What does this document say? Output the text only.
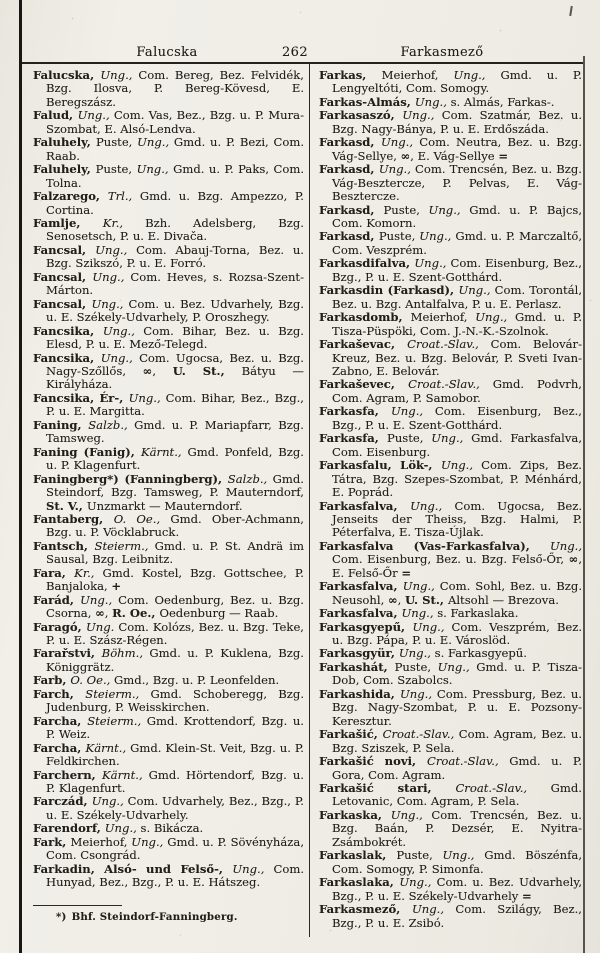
Falucska	262	Farkasmező

Falucska, Ung., Com. Bereg, Bez. Felvidék, Bzg. Ilosva, P. Bereg-Kövesd, E. Beregszász.

Falud, Ung., Com. Vas, Bez., Bzg. u. P. Mura-Szombat, E. Alsó-Lendva.

Faluhely, Puste, Ung., Gmd. u. P. Bezi, Com. Raab.

Faluhely, Puste, Ung., Gmd. u. P. Paks, Com. Tolna.

Falzarego, Trl., Gmd. u. Bzg. Ampezzo, P. Cortina.

Famlje, Kr., Bzh. Adelsberg, Bzg. Senosetsch, P. u. E. Divača.

Fancsal, Ung., Com. Abauj-Torna, Bez. u. Bzg. Szikszó, P. u. E. Forró.

Fancsal, Ung., Com. Heves, s. Rozsa-Szent-Márton.

Fancsal, Ung., Com. u. Bez. Udvarhely, Bzg. u. E. Székely-Udvarhely, P. Oroszhegy.

Fancsika, Ung., Com. Bihar, Bez. u. Bzg. Elesd, P. u. E. Mező-Telegd.

Fancsika, Ung., Com. Ugocsa, Bez. u. Bzg. Nagy-Szőllős, ∞, U. St., Bátyu — Királyháza.

Fancsika, Ér-, Ung., Com. Bihar, Bez., Bzg., P. u. E. Margitta.

Faning, Salzb., Gmd. u. P. Mariapfarr, Bzg. Tamsweg.

Faning (Fanig), Kärnt., Gmd. Ponfeld, Bzg. u. P. Klagenfurt.

Faningberg*) (Fanningberg), Salzb., Gmd. Steindorf, Bzg. Tamsweg, P. Mauterndorf, St. V., Unzmarkt — Mauterndorf.

Fantaberg, O. Oe., Gmd. Ober-Achmann, Bzg. u. P. Vöcklabruck.

Fantsch, Steierm., Gmd. u. P. St. Andrä im Sausal, Bzg. Leibnitz.

Fara, Kr., Gmd. Kostel, Bzg. Gottschee, P. Banjaloka, +

Farád, Ung., Com. Oedenburg, Bez. u. Bzg. Csorna, ∞, R. Oe., Oedenburg — Raab.

Faragó, Ung. Com. Kolózs, Bez. u. Bzg. Teke, P. u. E. Szász-Régen.

Farařstvi, Böhm., Gmd. u. P. Kuklena, Bzg. Königgrätz.

Farb, O. Oe., Gmd., Bzg. u. P. Leonfelden.

Farch, Steierm., Gmd. Schoberegg, Bzg. Judenburg, P. Weisskirchen.

Farcha, Steierm., Gmd. Krottendorf, Bzg. u. P. Weiz.

Farcha, Kärnt., Gmd. Klein-St. Veit, Bzg. u. P. Feldkirchen.

Farchern, Kärnt., Gmd. Hörtendorf, Bzg. u. P. Klagenfurt.

Farczád, Ung., Com. Udvarhely, Bez., Bzg., P. u. E. Székely-Udvarhely.

Farendorf, Ung., s. Bikácza.

Fark, Meierhof, Ung., Gmd. u. P. Sövényháza, Com. Csongrád.

Farkadin, Alsó- und Felső-, Ung., Com. Hunyad, Bez., Bzg., P. u. E. Hátszeg.

Farkas, Meierhof, Ung., Gmd. u. P. Lengyeltóti, Com. Somogy.

Farkas-Almás, Ung., s. Almás, Farkas-.

Farkasaszó, Ung., Com. Szatmár, Bez. u. Bzg. Nagy-Bánya, P. u. E. Erdőszáda.

Farkasd, Ung., Com. Neutra, Bez. u. Bzg. Vág-Sellye, ∞, E. Vág-Sellye =

Farkasd, Ung., Com. Trencsén, Bez. u. Bzg. Vág-Besztercze, P. Pelvas, E. Vág-Besztercze.

Farkasd, Puste, Ung., Gmd. u. P. Bajcs, Com. Komorn.

Farkasd, Puste, Ung., Gmd. u. P. Marczaltő, Com. Veszprém.

Farkasdifalva, Ung., Com. Eisenburg, Bez., Bzg., P. u. E. Szent-Gotthárd.

Farkasdin (Farkasd), Ung., Com. Torontál, Bez. u. Bzg. Antalfalva, P. u. E. Perlasz.

Farkasdomb, Meierhof, Ung., Gmd. u. P. Tisza-Püspöki, Com. J.-N.-K.-Szolnok.

Farkaševac, Croat.-Slav., Com. Belovár-Kreuz, Bez. u. Bzg. Belovár, P. Sveti Ivan-Zabno, E. Belovár.

Farkaševec, Croat.-Slav., Gmd. Podvrh, Com. Agram, P. Samobor.

Farkasfa, Ung., Com. Eisenburg, Bez., Bzg., P. u. E. Szent-Gotthárd.

Farkasfa, Puste, Ung., Gmd. Farkasfalva, Com. Eisenburg.

Farkasfalu, Lök-, Ung., Com. Zips, Bez. Tátra, Bzg. Szepes-Szombat, P. Ménhárd, E. Poprád.

Farkasfalva, Ung., Com. Ugocsa, Bez. Jenseits der Theiss, Bzg. Halmi, P. Péterfalva, E. Tisza-Újlak.

Farkasfalva (Vas-Farkasfalva), Ung., Com. Eisenburg, Bez. u. Bzg. Felső-Őr, ∞, E. Felső-Őr =

Farkasfalva, Ung., Com. Sohl, Bez. u. Bzg. Neusohl, ∞, U. St., Altsohl — Brezova.

Farkasfalva, Ung., s. Farkaslaka.

Farkasgyepű, Ung., Com. Veszprém, Bez. u. Bzg. Pápa, P. u. E. Városlöd.

Farkasgyür, Ung., s. Farkasgyepű.

Farkashát, Puste, Ung., Gmd. u. P. Tisza-Dob, Com. Szabolcs.

Farkashida, Ung., Com. Pressburg, Bez. u. Bzg. Nagy-Szombat, P. u. E. Pozsony-Keresztur.

Farkašić, Croat.-Slav., Com. Agram, Bez. u. Bzg. Sziszek, P. Sela.

Farkašić novi, Croat.-Slav., Gmd. u. P. Gora, Com. Agram.

Farkašić stari, Croat.-Slav., Gmd. Letovanic, Com. Agram, P. Sela.

Farkaska, Ung., Com. Trencsén, Bez. u. Bzg. Baán, P. Dezsér, E. Nyitra-Zsámbokrét.

Farkaslak, Puste, Ung., Gmd. Böszénfa, Com. Somogy, P. Simonfa.

Farkaslaka, Ung., Com. u. Bez. Udvarhely, Bzg., P. u. E. Székely-Udvarhely =

Farkasmező, Ung., Com. Szilágy, Bez., Bzg., P. u. E. Zsibó.

*) Bhf. Steindorf-Fanningberg.
